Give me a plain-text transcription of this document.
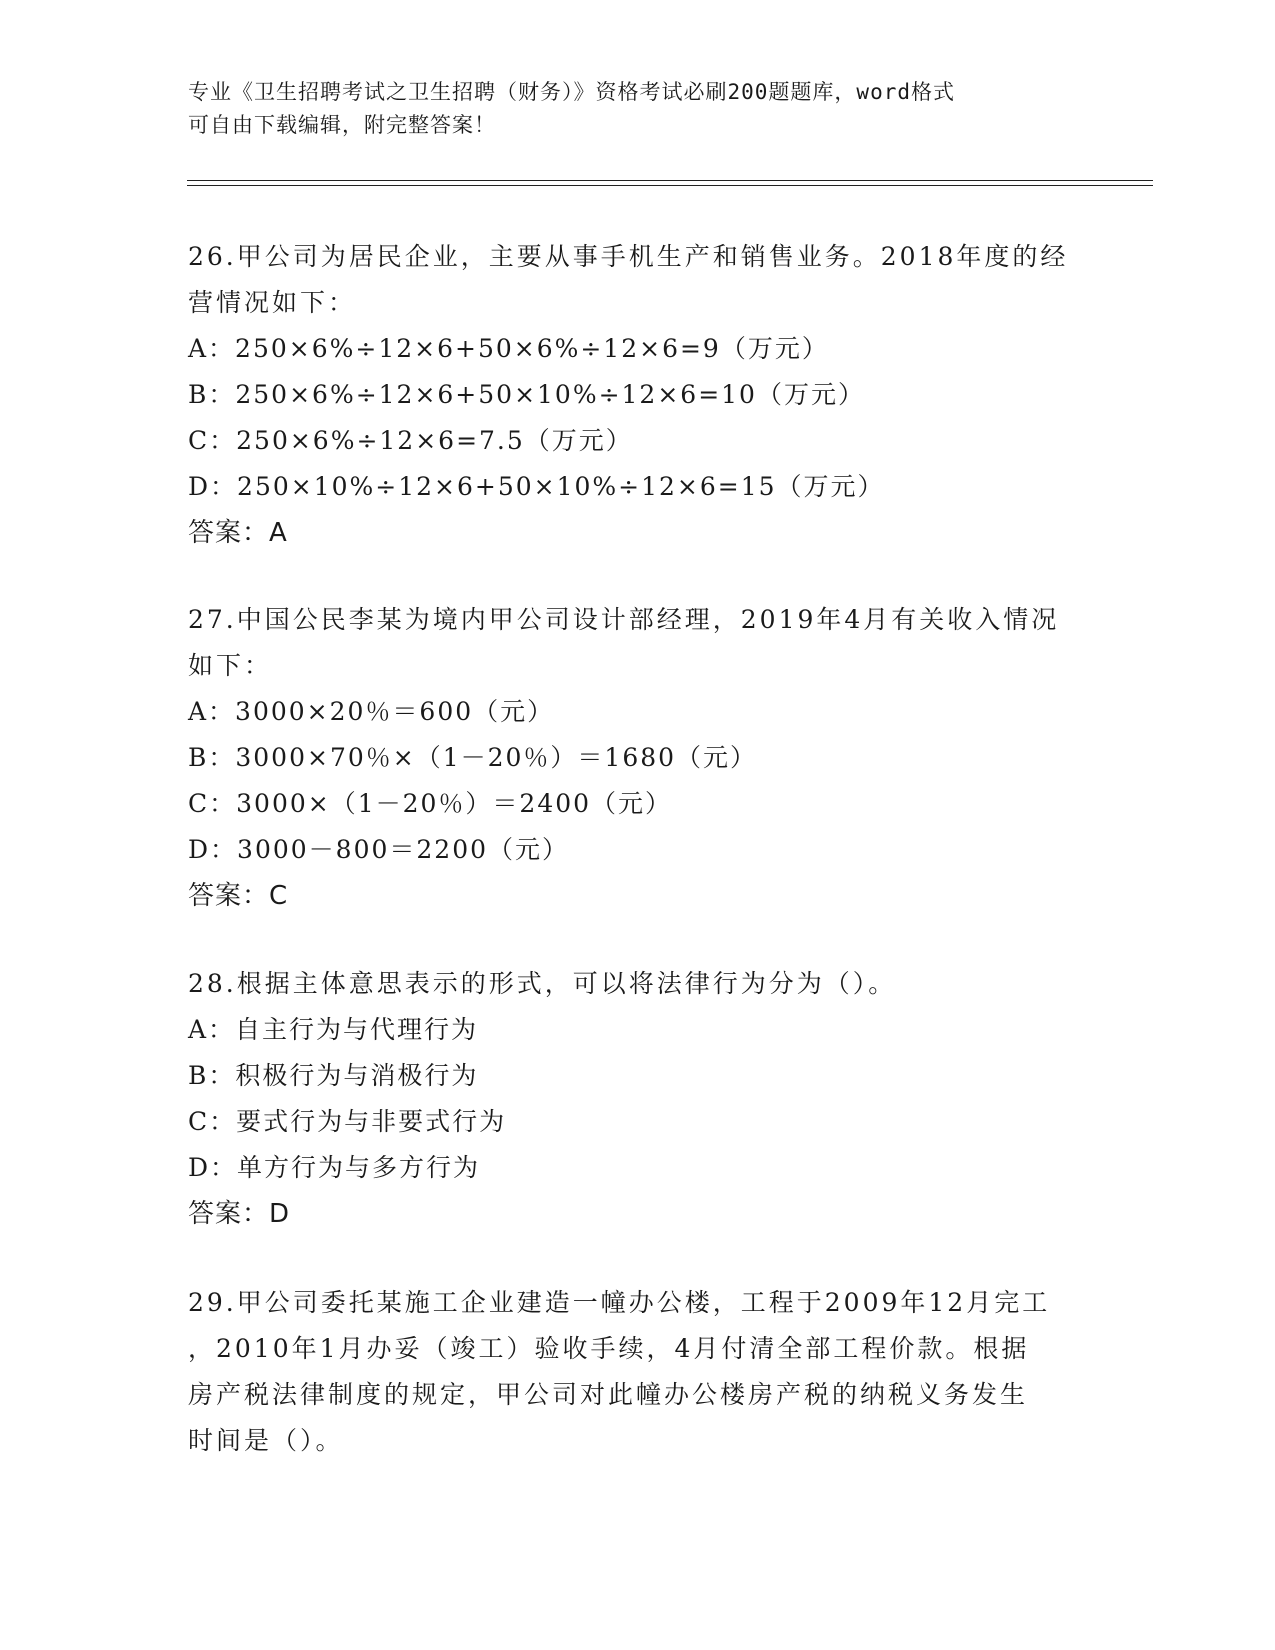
专业《卫生招聘考试之卫生招聘（财务）》资格考试必刷200题题库，word格式
可自由下载编辑，附完整答案！
26.甲公司为居民企业，主要从事手机生产和销售业务。2018年度的经
营情况如下：
A：250×6%÷12×6+50×6%÷12×6=9（万元）
B：250×6%÷12×6+50×10%÷12×6=10（万元）
C：250×6%÷12×6=7.5（万元）
D：250×10%÷12×6+50×10%÷12×6=15（万元）
答案：A
27.中国公民李某为境内甲公司设计部经理，2019年4月有关收入情况
如下：
A：3000×20％＝600（元）
B：3000×70％×（1－20％）＝1680（元）
C：3000×（1－20％）＝2400（元）
D：3000－800＝2200（元）
答案：C
28.根据主体意思表示的形式，可以将法律行为分为（）。
A：自主行为与代理行为
B：积极行为与消极行为
C：要式行为与非要式行为
D：单方行为与多方行为
答案：D
29.甲公司委托某施工企业建造一幢办公楼，工程于2009年12月完工
，2010年1月办妥（竣工）验收手续，4月付清全部工程价款。根据
房产税法律制度的规定，甲公司对此幢办公楼房产税的纳税义务发生
时间是（）。
